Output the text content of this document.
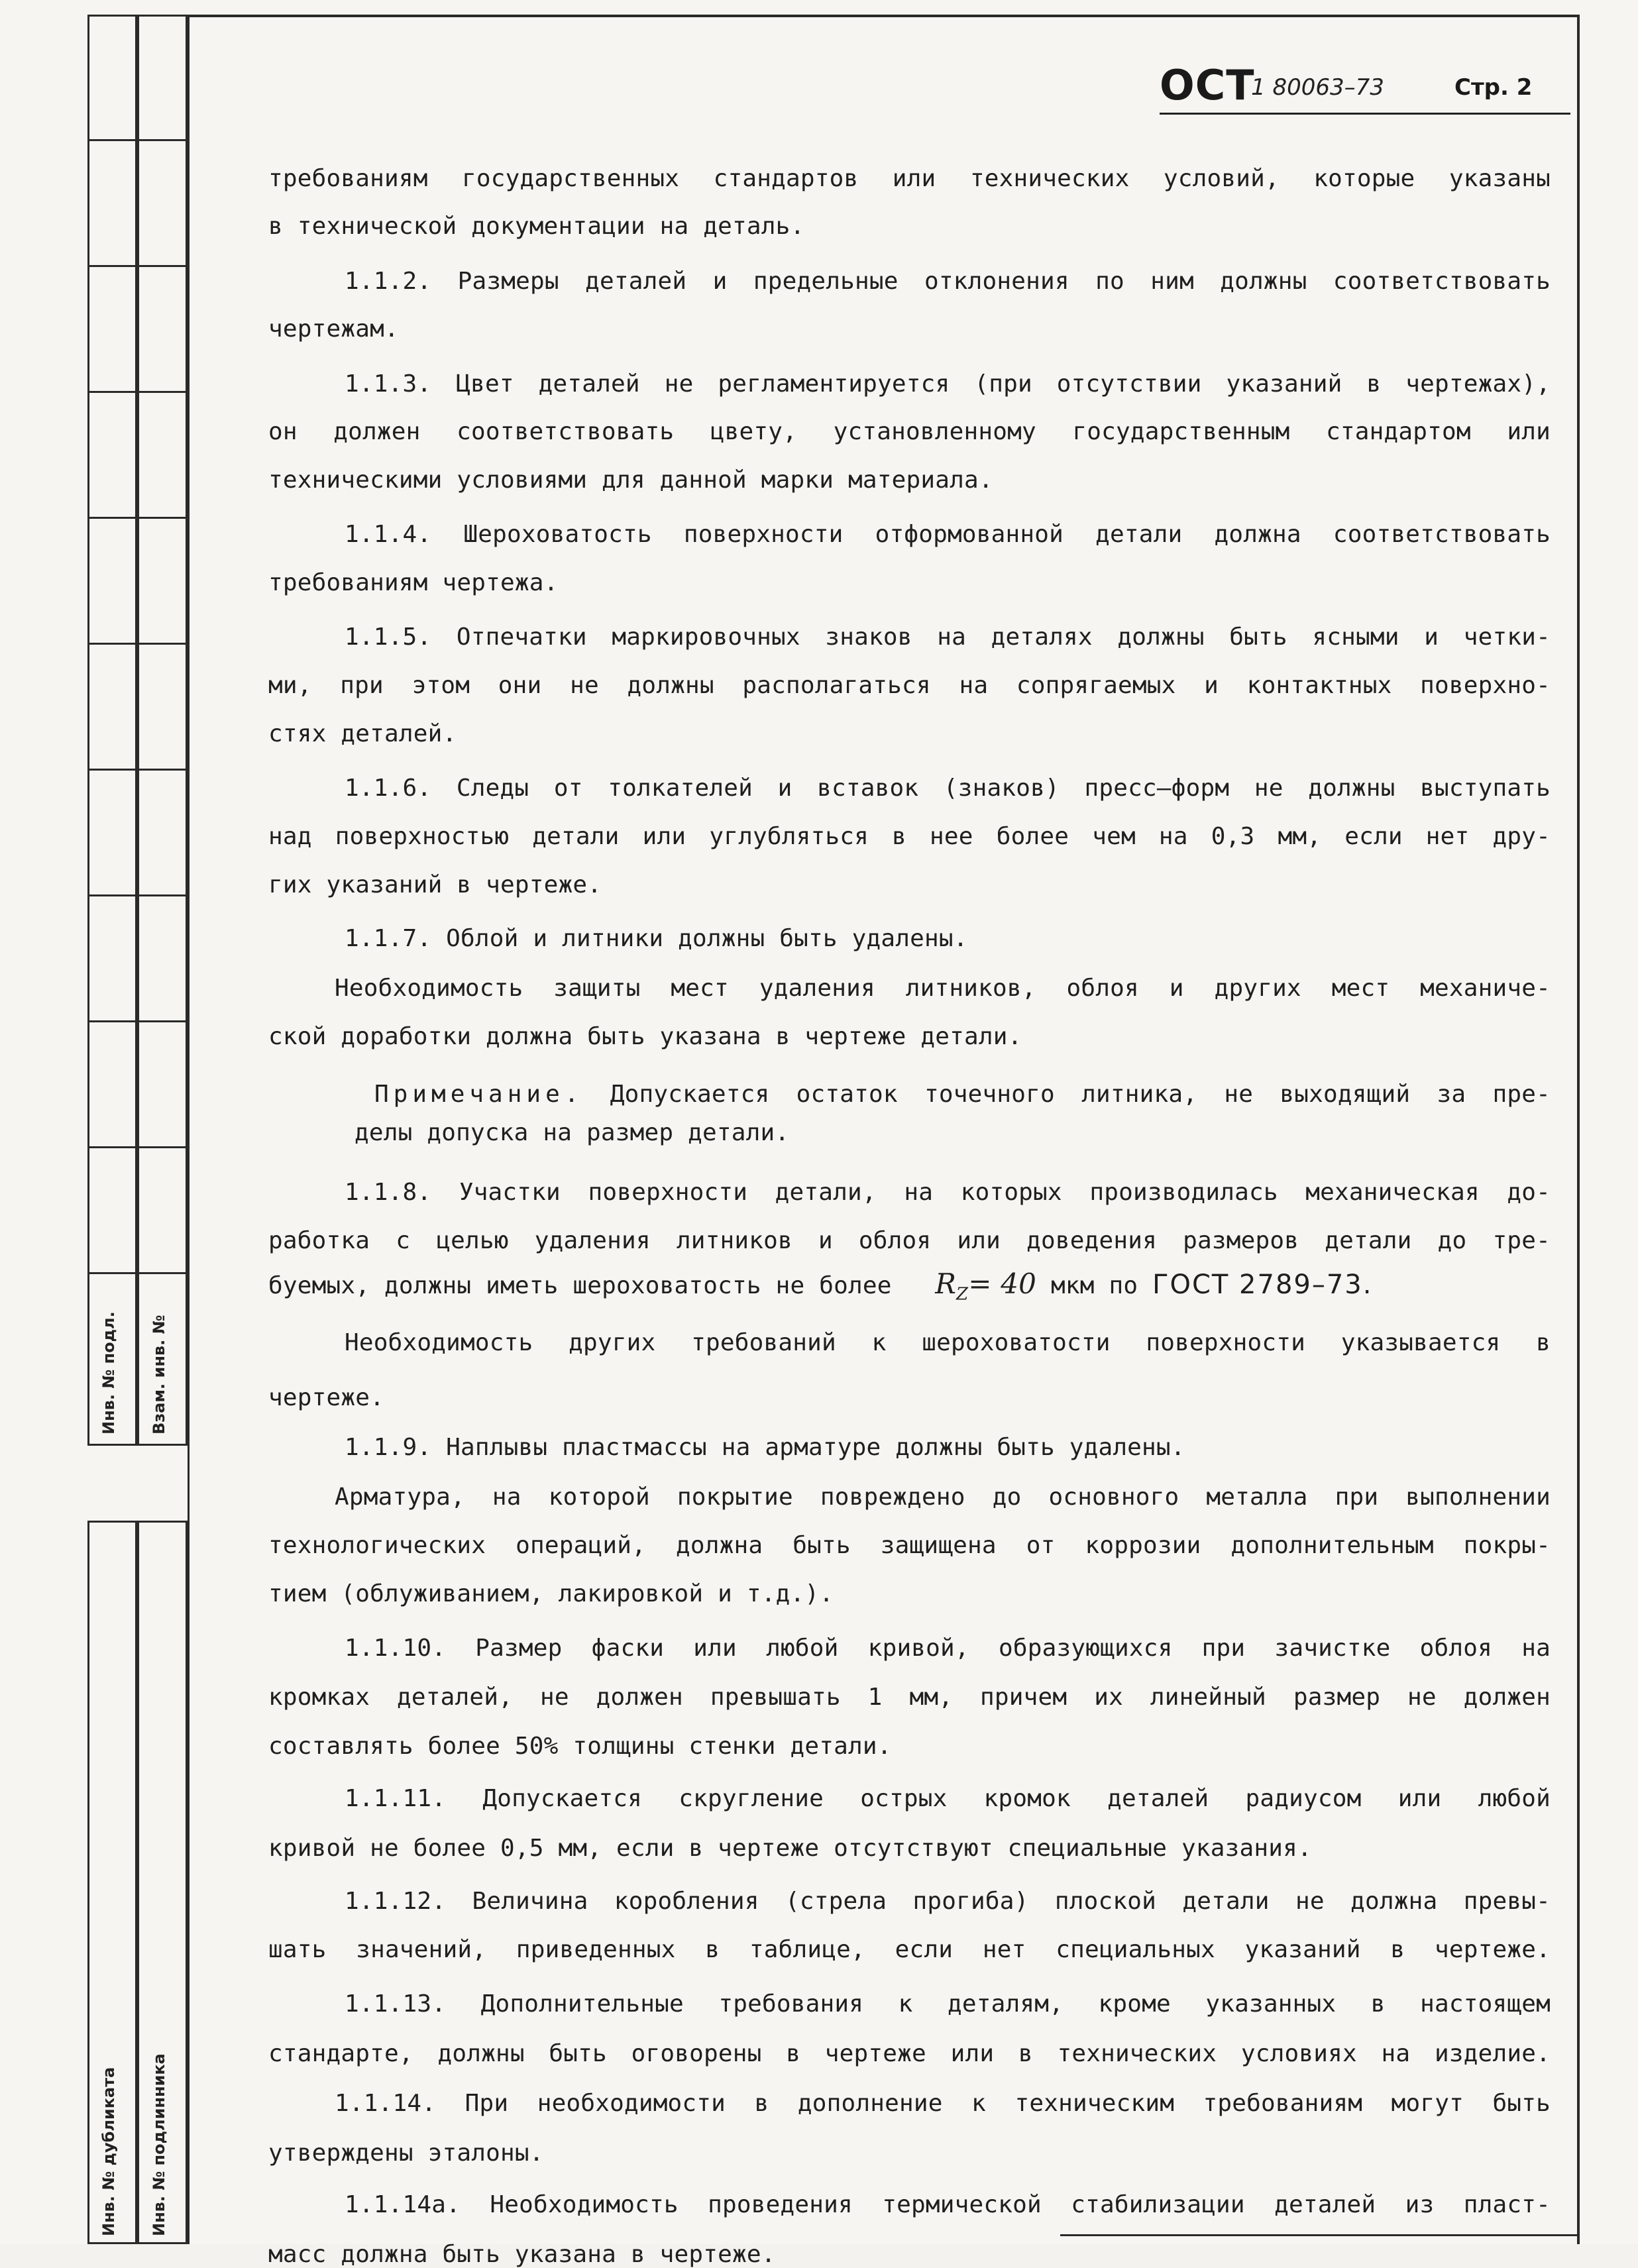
Инв. № подл. Взам. инв. №
Инв. № дубликата Инв. № подлинника
ОСТ
1 80063–73	Стр. 2
требованиям государственных стандартов или технических условий, которые указаны
в технической документации на деталь.
1.1.2. Размеры деталей и предельные отклонения по ним должны соответствовать
чертежам.
1.1.3. Цвет деталей не регламентируется (при отсутствии указаний в чертежах),
он должен соответствовать цвету, установленному государственным стандартом или
техническими условиями для данной марки материала.
1.1.4. Шероховатость поверхности отформованной детали должна соответствовать
требованиям чертежа.
1.1.5. Отпечатки маркировочных знаков на деталях должны быть ясными и четки-
ми, при этом они не должны располагаться на сопрягаемых и контактных поверхно-
стях деталей.
1.1.6. Следы от толкателей и вставок (знаков) пресс–форм не должны выступать
над поверхностью детали или углубляться в нее более чем на 0,3 мм, если нет дру-
гих указаний в чертеже.
1.1.7. Облой и литники должны быть удалены.
Необходимость защиты мест удаления литников, облоя и других мест механиче-
ской доработки должна быть указана в чертеже детали.
Примечание. Допускается остаток точечного литника, не выходящий за пре-
делы допуска на размер детали.
1.1.8. Участки поверхности детали, на которых производилась механическая до-
работка с целью удаления литников и облоя или доведения размеров детали до тре-
буемых, должны иметь шероховатость не более $R_Z= 40$ мкм по ГОСТ 2789–73.
Необходимость других требований к шероховатости поверхности указывается в
чертеже.
1.1.9. Наплывы пластмассы на арматуре должны быть удалены.
Арматура, на которой покрытие повреждено до основного металла при выполнении
технологических операций, должна быть защищена от коррозии дополнительным покры-
тием (облуживанием, лакировкой и т.д.).
1.1.10. Размер фаски или любой кривой, образующихся при зачистке облоя на
кромках деталей, не должен превышать 1 мм, причем их линейный размер не должен
составлять более 50% толщины стенки детали.
1.1.11. Допускается скругление острых кромок деталей радиусом или любой
кривой не более 0,5 мм, если в чертеже отсутствуют специальные указания.
1.1.12. Величина коробления (стрела прогиба) плоской детали не должна превы-
шать значений, приведенных в таблице, если нет специальных указаний в чертеже.
1.1.13. Дополнительные требования к деталям, кроме указанных в настоящем
стандарте, должны быть оговорены в чертеже или в технических условиях на изделие.
1.1.14. При необходимости в дополнение к техническим требованиям могут быть
утверждены эталоны.
1.1.14а. Необходимость проведения термической стабилизации деталей из пласт-
масс должна быть указана в чертеже.
